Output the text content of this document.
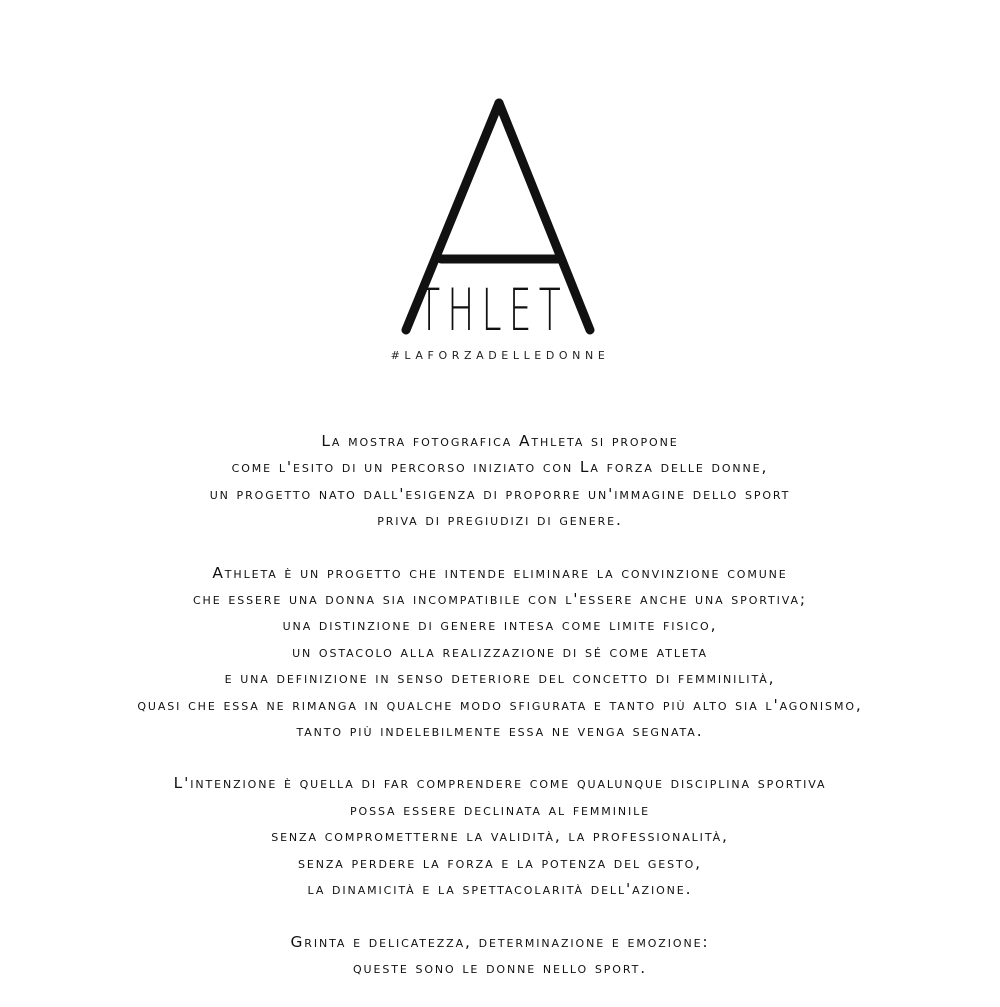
THLET
#LAFORZADELLEDONNE
La mostra fotografica Athleta si propone
come l'esito di un percorso iniziato con La forza delle donne,
un progetto nato dall'esigenza di proporre un'immagine dello sport
priva di pregiudizi di genere.
Athleta è un progetto che intende eliminare la convinzione comune
che essere una donna sia incompatibile con l'essere anche una sportiva;
una distinzione di genere intesa come limite fisico,
un ostacolo alla realizzazione di sé come atleta
e una definizione in senso deteriore del concetto di femminilità,
quasi che essa ne rimanga in qualche modo sfigurata e tanto più alto sia l'agonismo,
tanto più indelebilmente essa ne venga segnata.
L'intenzione è quella di far comprendere come qualunque disciplina sportiva
possa essere declinata al femminile
senza comprometterne la validità, la professionalità,
senza perdere la forza e la potenza del gesto,
la dinamicità e la spettacolarità dell'azione.
Grinta e delicatezza, determinazione e emozione:
queste sono le donne nello sport.
